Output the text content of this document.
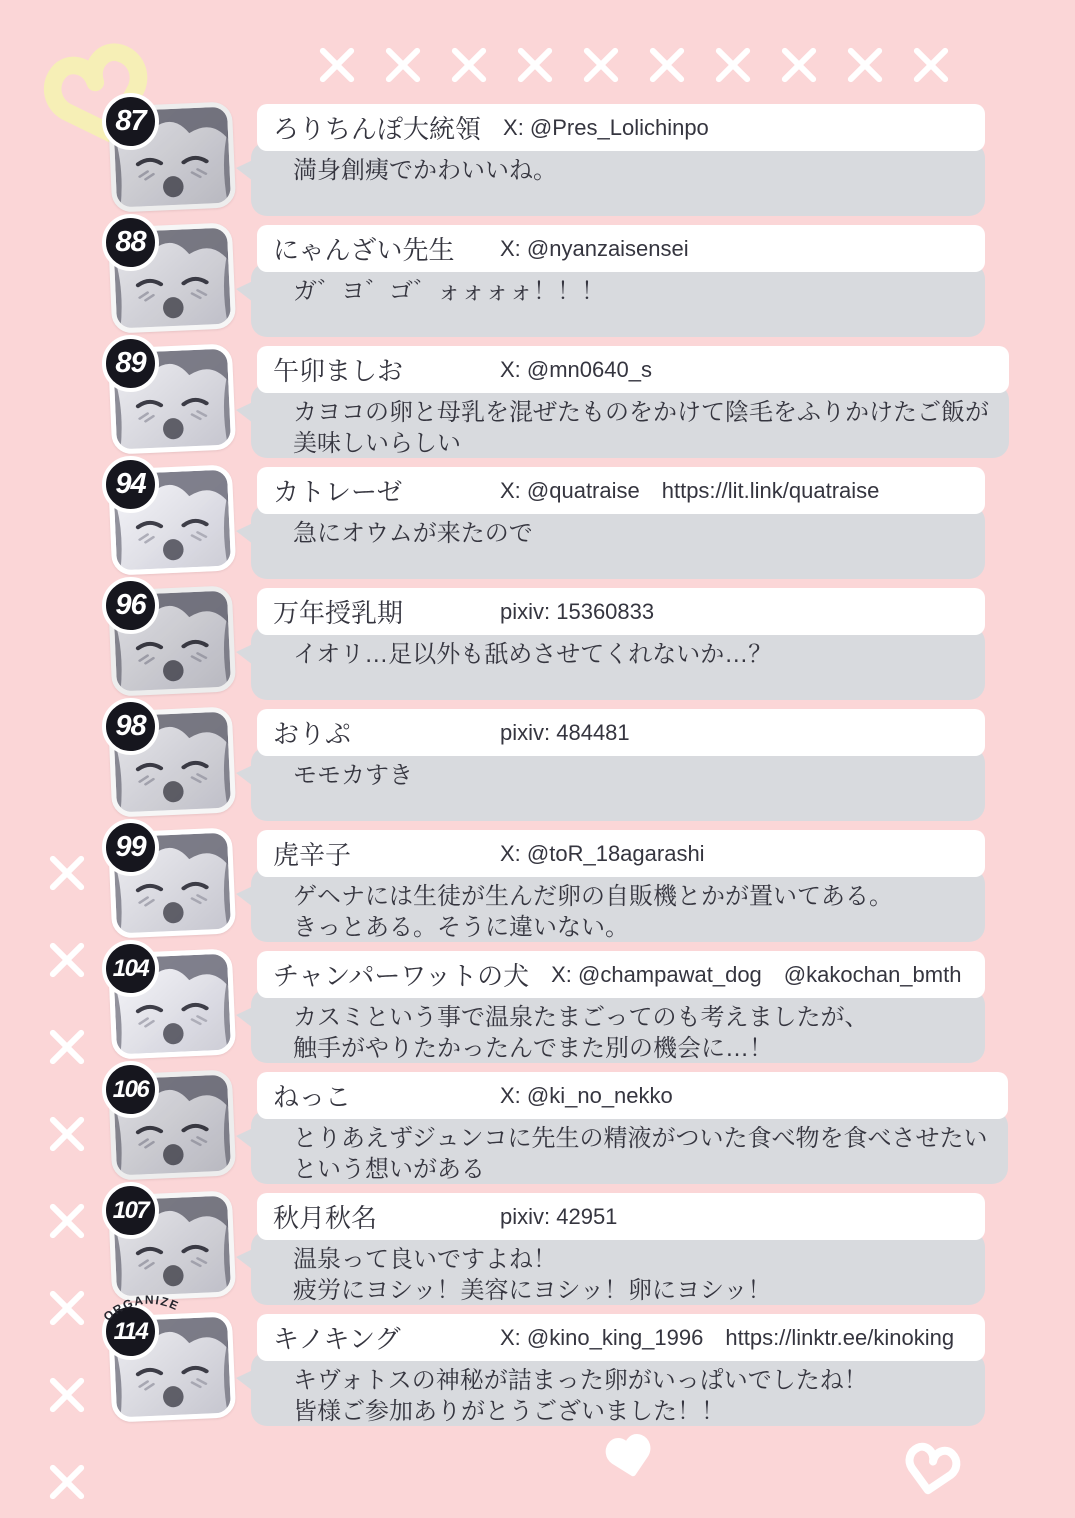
87	ろりちんぽ大統領 X: @Pres_Lolichinpo
満身創痍でかわいいね。
88	にゃんざい先生	X: @nyanzaisensei
ガ゛ヨ゛ゴ゛ォォォォ！！！
89	午卯ましお	X: @mn0640_s
カヨコの卵と母乳を混ぜたものをかけて陰毛をふりかけたご飯が
美味しいらしい
94	カトレーゼ	X: @quatraise https://lit.link/quatraise
急にオウムが来たので
96	万年授乳期	pixiv: 15360833
イオリ…足以外も舐めさせてくれないか…？
98	おりぷ	pixiv: 484481
モモカすき
99	虎辛子	X: @toR_18agarashi
ゲヘナには生徒が生んだ卵の自販機とかが置いてある。
きっとある。そうに違いない。
104	チャンパーワットの犬 X: @champawat_dog @kakochan_bmth
カスミという事で温泉たまごってのも考えましたが、
触手がやりたかったんでまた別の機会に…！
106	ねっこ	X: @ki_no_nekko
とりあえずジュンコに先生の精液がついた食べ物を食べさせたい
という想いがある
107	秋月秋名	pixiv: 42951
温泉って良いですよね！
疲労にヨシッ！美容にヨシッ！卵にヨシッ！
ORGANIZE
114	キノキング	X: @kino_king_1996 https://linktr.ee/kinoking
キヴォトスの神秘が詰まった卵がいっぱいでしたね！
皆様ご参加ありがとうございました！！
